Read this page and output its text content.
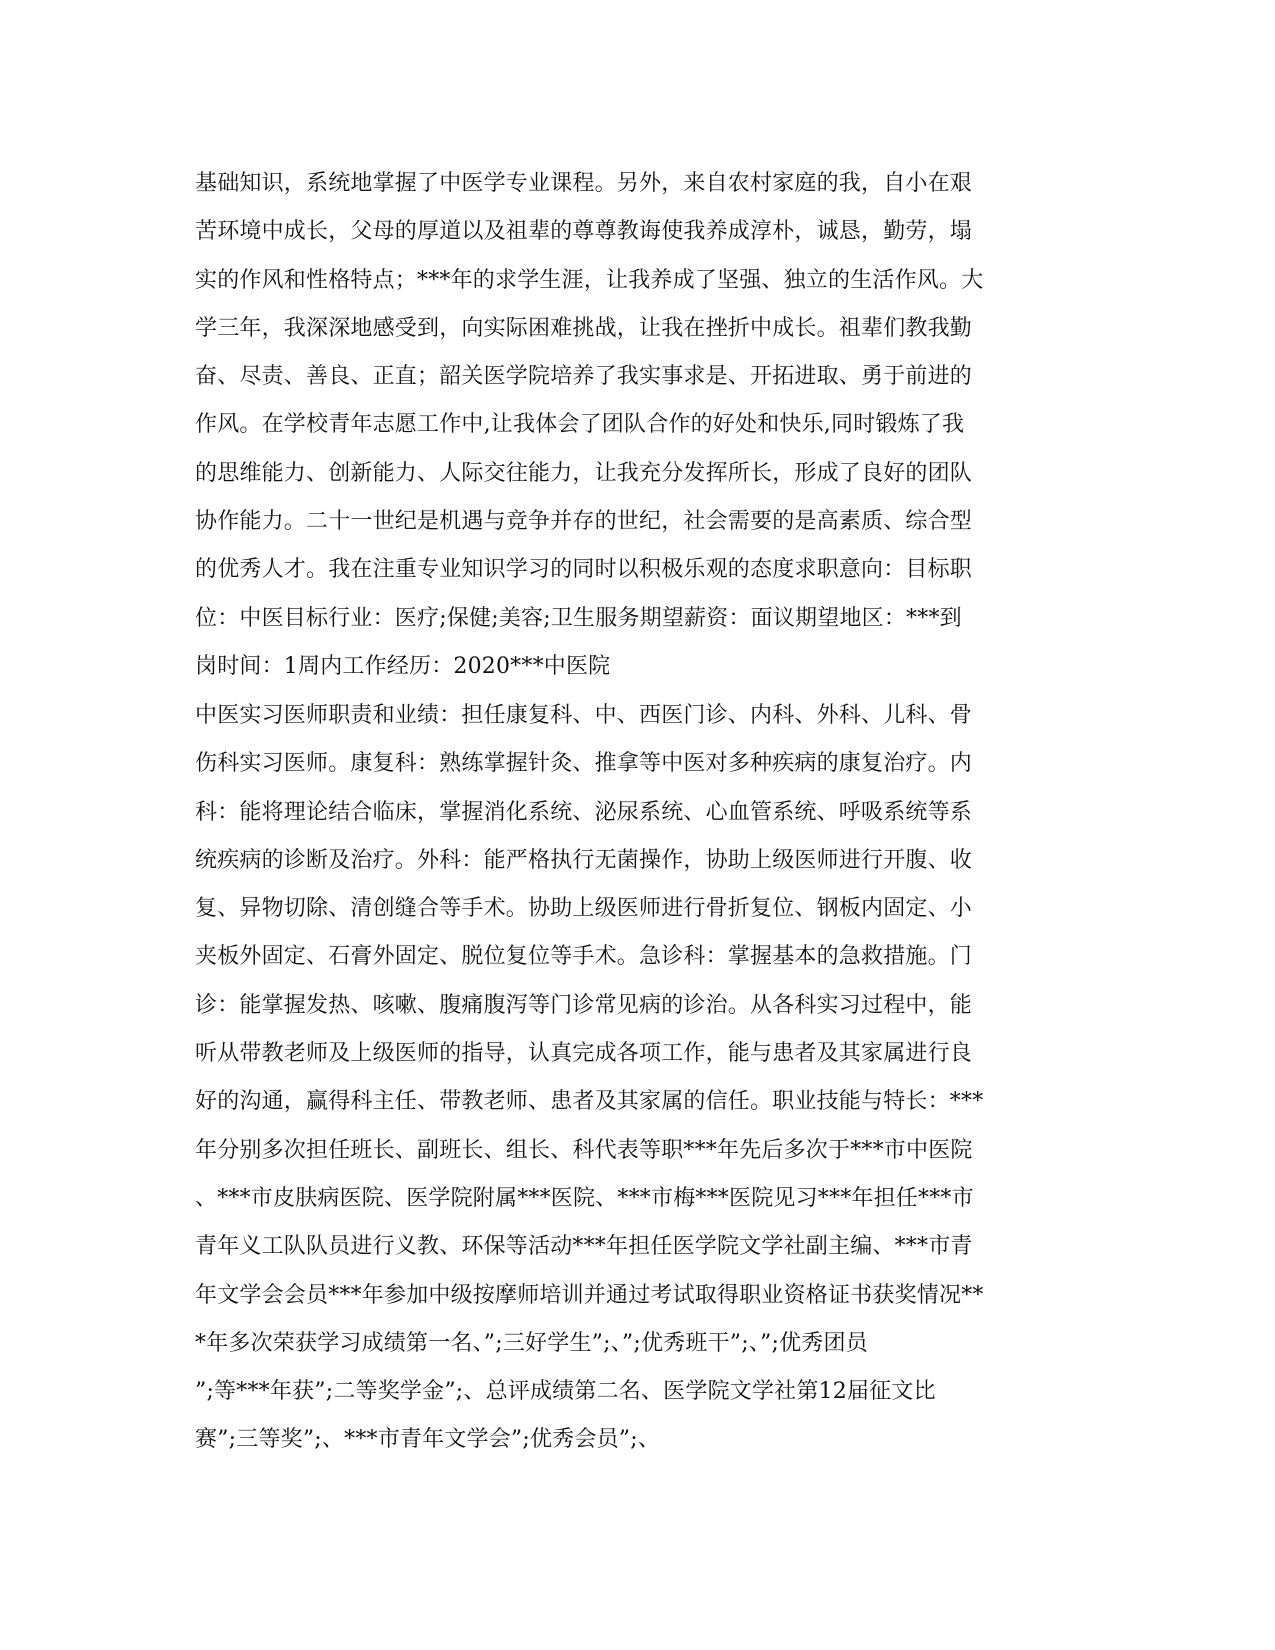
基础知识，系统地掌握了中医学专业课程。另外，来自农村家庭的我，自小在艰
苦环境中成长，父母的厚道以及祖辈的尊尊教诲使我养成淳朴，诚恳，勤劳，塌
实的作风和性格特点；***年的求学生涯，让我养成了坚强、独立的生活作风。大
学三年，我深深地感受到，向实际困难挑战，让我在挫折中成长。祖辈们教我勤
奋、尽责、善良、正直；韶关医学院培养了我实事求是、开拓进取、勇于前进的
作风。在学校青年志愿工作中,让我体会了团队合作的好处和快乐,同时锻炼了我
的思维能力、创新能力、人际交往能力，让我充分发挥所长，形成了良好的团队
协作能力。二十一世纪是机遇与竞争并存的世纪，社会需要的是高素质、综合型
的优秀人才。我在注重专业知识学习的同时以积极乐观的态度求职意向：目标职
位：中医目标行业：医疗;保健;美容;卫生服务期望薪资：面议期望地区：***到
岗时间：1周内工作经历：2020***中医院
中医实习医师职责和业绩：担任康复科、中、西医门诊、内科、外科、儿科、骨
伤科实习医师。康复科：熟练掌握针灸、推拿等中医对多种疾病的康复治疗。内
科：能将理论结合临床，掌握消化系统、泌尿系统、心血管系统、呼吸系统等系
统疾病的诊断及治疗。外科：能严格执行无菌操作，协助上级医师进行开腹、收
复、异物切除、清创缝合等手术。协助上级医师进行骨折复位、钢板内固定、小
夹板外固定、石膏外固定、脱位复位等手术。急诊科：掌握基本的急救措施。门
诊：能掌握发热、咳嗽、腹痛腹泻等门诊常见病的诊治。从各科实习过程中，能
听从带教老师及上级医师的指导，认真完成各项工作，能与患者及其家属进行良
好的沟通，赢得科主任、带教老师、患者及其家属的信任。职业技能与特长：***
年分别多次担任班长、副班长、组长、科代表等职***年先后多次于***市中医院
、***市皮肤病医院、医学院附属***医院、***市梅***医院见习***年担任***市
青年义工队队员进行义教、环保等活动***年担任医学院文学社副主编、***市青
年文学会会员***年参加中级按摩师培训并通过考试取得职业资格证书获奖情况**
*年多次荣获学习成绩第一名、”;三好学生”;、”;优秀班干”;、”;优秀团员
”;等***年获”;二等奖学金”;、总评成绩第二名、医学院文学社第12届征文比
赛”;三等奖”;、***市青年文学会”;优秀会员”;、
